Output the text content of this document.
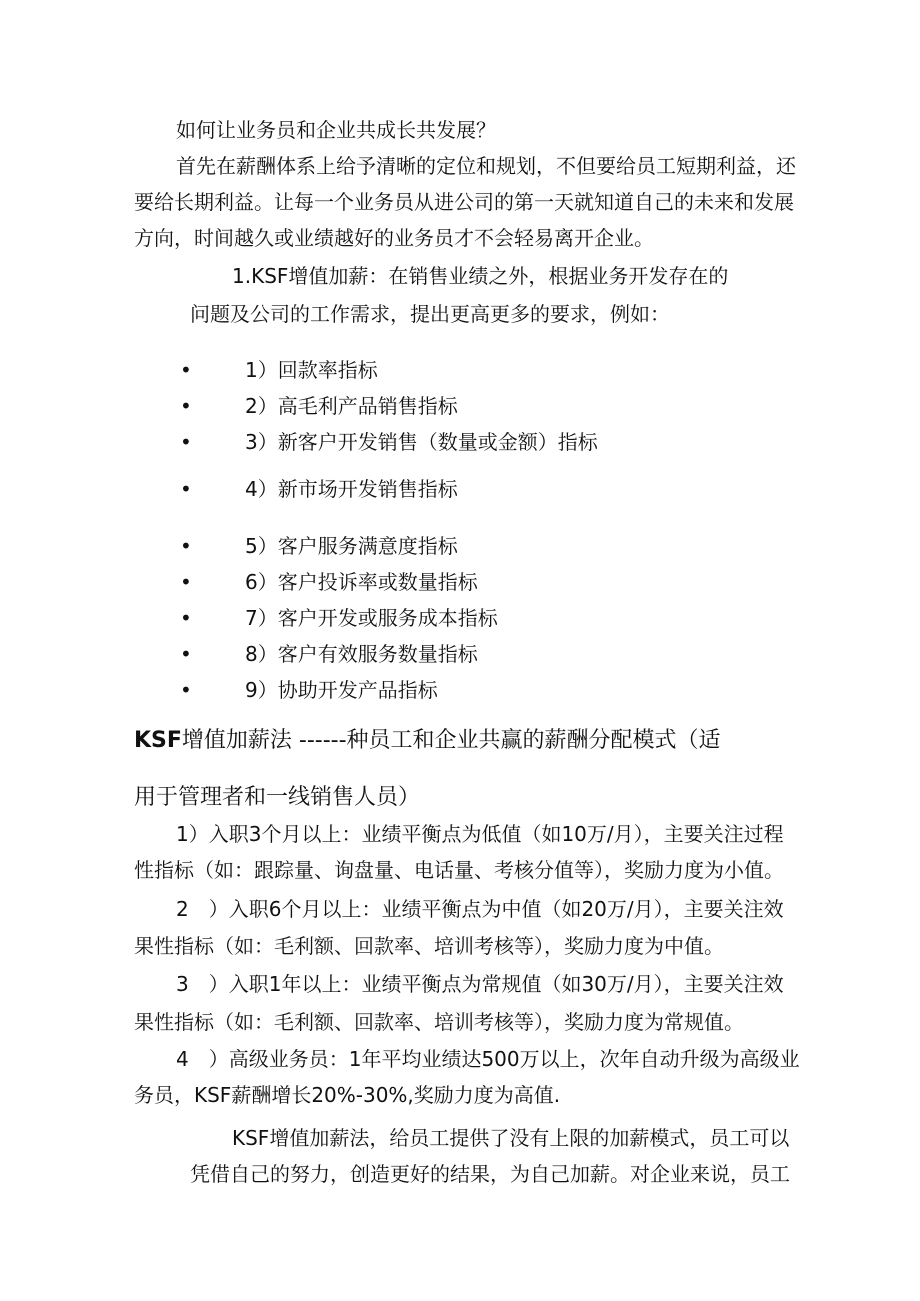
如何让业务员和企业共成长共发展？
首先在薪酬体系上给予清晰的定位和规划，不但要给员工短期利益，还
要给长期利益。让每一个业务员从进公司的第一天就知道自己的未来和发展
方向，时间越久或业绩越好的业务员才不会轻易离开企业。
1.KSF增值加薪：在销售业绩之外，根据业务开发存在的
问题及公司的工作需求，提出更高更多的要求，例如：
•	1）回款率指标
•	2）高毛利产品销售指标
•	3）新客户开发销售（数量或金额）指标
•	4）新市场开发销售指标
•	5）客户服务满意度指标
•	6）客户投诉率或数量指标
•	7）客户开发或服务成本指标
•	8）客户有效服务数量指标
•	9）协助开发产品指标
KSF增值加薪法 ------种员工和企业共赢的薪酬分配模式（适
用于管理者和一线销售人员）
1）入职3个月以上：业绩平衡点为低值（如10万/月），主要关注过程
性指标（如：跟踪量、询盘量、电话量、考核分值等），奖励力度为小值。
2　）入职6个月以上：业绩平衡点为中值（如20万/月），主要关注效
果性指标（如：毛利额、回款率、培训考核等），奖励力度为中值。
3　）入职1年以上：业绩平衡点为常规值（如30万/月），主要关注效
果性指标（如：毛利额、回款率、培训考核等），奖励力度为常规值。
4　）高级业务员：1年平均业绩达500万以上，次年自动升级为高级业
务员，KSF薪酬增长20%-30%,奖励力度为高值.
KSF增值加薪法，给员工提供了没有上限的加薪模式，员工可以
凭借自己的努力，创造更好的结果，为自己加薪。对企业来说，员工
